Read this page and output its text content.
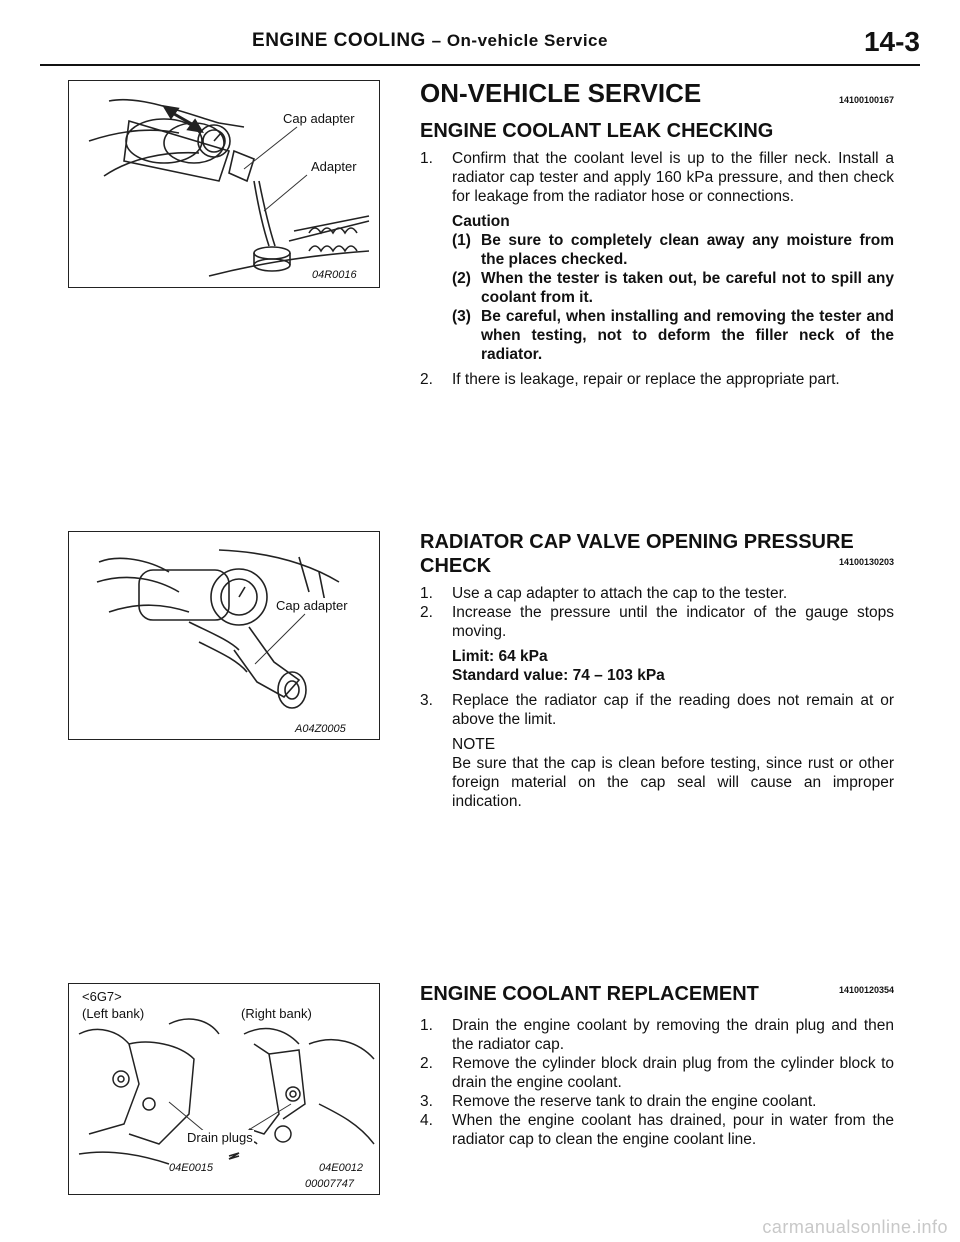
ENGINE COOLING – On-vehicle Service	14-3
Cap adapter
Adapter
04R0016
Cap adapter
A04Z0005
<6G7>
(Left bank)	(Right bank)
Drain plugs
04E0015	04E0012
00007747
ON-VEHICLE SERVICE	14100100167
ENGINE COOLANT LEAK CHECKING
1. Confirm that the coolant level is up to the filler neck. Install a radiator cap tester and apply 160 kPa pressure, and then check for leakage from the radiator hose or connections.
Caution
(1) Be sure to completely clean away any moisture from the places checked.
(2) When the tester is taken out, be careful not to spill any coolant from it.
(3) Be careful, when installing and removing the tester and when testing, not to deform the filler neck of the radiator.
2. If there is leakage, repair or replace the appropriate part.
RADIATOR CAP VALVE OPENING PRESSURE
CHECK	14100130203
1. Use a cap adapter to attach the cap to the tester.
2. Increase the pressure until the indicator of the gauge stops moving.
Limit: 64 kPa
Standard value: 74 – 103 kPa
3. Replace the radiator cap if the reading does not remain at or above the limit.
NOTE
Be sure that the cap is clean before testing, since rust or other foreign material on the cap seal will cause an improper indication.
ENGINE COOLANT REPLACEMENT	14100120354
1. Drain the engine coolant by removing the drain plug and then the radiator cap.
2. Remove the cylinder block drain plug from the cylinder block to drain the engine coolant.
3. Remove the reserve tank to drain the engine coolant.
4. When the engine coolant has drained, pour in water from the radiator cap to clean the engine coolant line.
carmanualsonline.info
